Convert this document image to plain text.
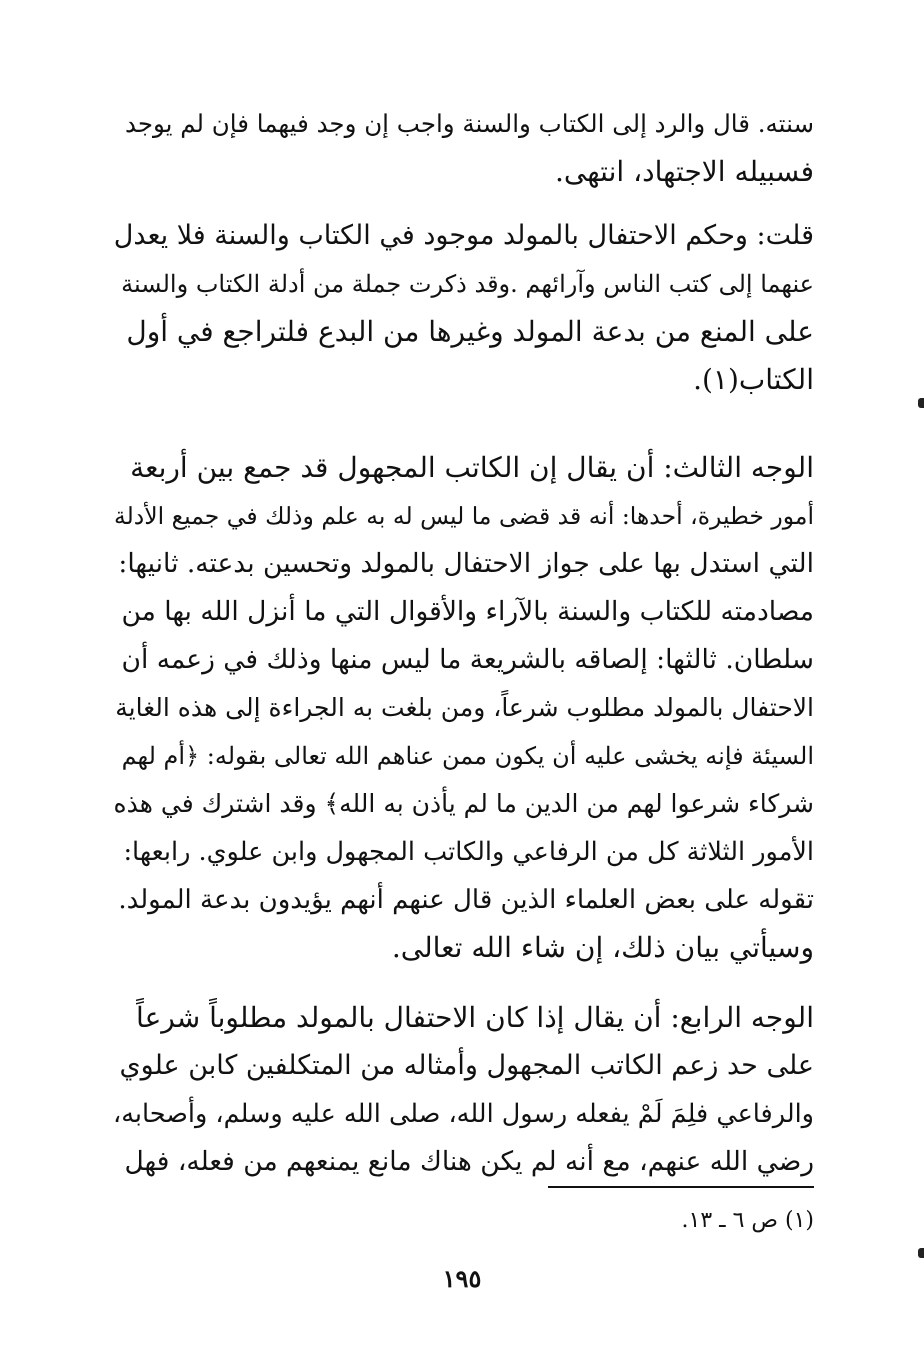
سنته. قال والرد إلى الكتاب والسنة واجب إن وجد فيهما فإن لم يوجد
فسبيله الاجتهاد، انتهى.

قلت: وحكم الاحتفال بالمولد موجود في الكتاب والسنة فلا يعدل
عنهما إلى كتب الناس وآرائهم .وقد ذكرت جملة من أدلة الكتاب والسنة
على المنع من بدعة المولد وغيرها من البدع فلتراجع في أول
الكتاب(١).

الوجه الثالث: أن يقال إن الكاتب المجهول قد جمع بين أربعة
أمور خطيرة، أحدها: أنه قد قضى ما ليس له به علم وذلك في جميع الأدلة
التي استدل بها على جواز الاحتفال بالمولد وتحسين بدعته. ثانيها:
مصادمته للكتاب والسنة بالآراء والأقوال التي ما أنزل الله بها من
سلطان. ثالثها: إلصاقه بالشريعة ما ليس منها وذلك في زعمه أن
الاحتفال بالمولد مطلوب شرعاً، ومن بلغت به الجراءة إلى هذه الغاية
السيئة فإنه يخشى عليه أن يكون ممن عناهم الله تعالى بقوله: ﴿أم لهم
شركاء شرعوا لهم من الدين ما لم يأذن به الله﴾ وقد اشترك في هذه
الأمور الثلاثة كل من الرفاعي والكاتب المجهول وابن علوي. رابعها:
تقوله على بعض العلماء الذين قال عنهم أنهم يؤيدون بدعة المولد.
وسيأتي بيان ذلك، إن شاء الله تعالى.

الوجه الرابع: أن يقال إذا كان الاحتفال بالمولد مطلوباً شرعاً
على حد زعم الكاتب المجهول وأمثاله من المتكلفين كابن علوي
والرفاعي فلِمَ لَمْ يفعله رسول الله، صلى الله عليه وسلم، وأصحابه،
رضي الله عنهم، مع أنه لم يكن هناك مانع يمنعهم من فعله، فهل

(١) ص ٦ ـ ١٣.
١٩٥
